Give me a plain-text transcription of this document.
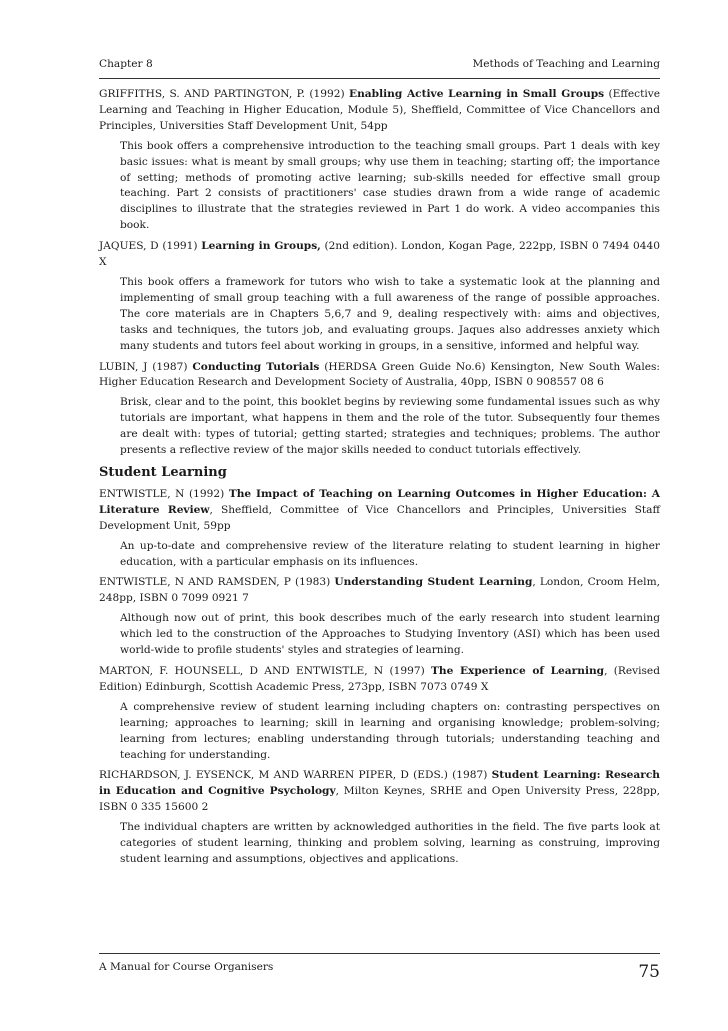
Chapter 8	Methods of Teaching and Learning

GRIFFITHS, S. AND PARTINGTON, P. (1992) Enabling Active Learning in Small Groups (Effective Learning and Teaching in Higher Education, Module 5), Sheffield, Committee of Vice Chancellors and Principles, Universities Staff Development Unit, 54pp

This book offers a comprehensive introduction to the teaching small groups. Part 1 deals with key basic issues: what is meant by small groups; why use them in teaching; starting off; the importance of setting; methods of promoting active learning; sub-skills needed for effective small group teaching. Part 2 consists of practitioners' case studies drawn from a wide range of academic disciplines to illustrate that the strategies reviewed in Part 1 do work. A video accompanies this book.

JAQUES, D (1991) Learning in Groups, (2nd edition). London, Kogan Page, 222pp, ISBN 0 7494 0440 X

This book offers a framework for tutors who wish to take a systematic look at the planning and implementing of small group teaching with a full awareness of the range of possible approaches. The core materials are in Chapters 5,6,7 and 9, dealing respectively with: aims and objectives, tasks and techniques, the tutors job, and evaluating groups. Jaques also addresses anxiety which many students and tutors feel about working in groups, in a sensitive, informed and helpful way.

LUBIN, J (1987) Conducting Tutorials (HERDSA Green Guide No.6) Kensington, New South Wales: Higher Education Research and Development Society of Australia, 40pp, ISBN 0 908557 08 6

Brisk, clear and to the point, this booklet begins by reviewing some fundamental issues such as why tutorials are important, what happens in them and the role of the tutor. Subsequently four themes are dealt with: types of tutorial; getting started; strategies and techniques; problems. The author presents a reflective review of the major skills needed to conduct tutorials effectively.

Student Learning

ENTWISTLE, N (1992) The Impact of Teaching on Learning Outcomes in Higher Education: A Literature Review, Sheffield, Committee of Vice Chancellors and Principles, Universities Staff Development Unit, 59pp

An up-to-date and comprehensive review of the literature relating to student learning in higher education, with a particular emphasis on its influences.

ENTWISTLE, N AND RAMSDEN, P (1983) Understanding Student Learning, London, Croom Helm, 248pp, ISBN 0 7099 0921 7

Although now out of print, this book describes much of the early research into student learning which led to the construction of the Approaches to Studying Inventory (ASI) which has been used world-wide to profile students' styles and strategies of learning.

MARTON, F. HOUNSELL, D AND ENTWISTLE, N (1997) The Experience of Learning, (Revised Edition) Edinburgh, Scottish Academic Press, 273pp, ISBN 7073 0749 X

A comprehensive review of student learning including chapters on: contrasting perspectives on learning; approaches to learning; skill in learning and organising knowledge; problem-solving; learning from lectures; enabling understanding through tutorials; understanding teaching and teaching for understanding.

RICHARDSON, J. EYSENCK, M AND WARREN PIPER, D (EDS.) (1987) Student Learning: Research in Education and Cognitive Psychology, Milton Keynes, SRHE and Open University Press, 228pp, ISBN 0 335 15600 2

The individual chapters are written by acknowledged authorities in the field. The five parts look at categories of student learning, thinking and problem solving, learning as construing, improving student learning and assumptions, objectives and applications.

A Manual for Course Organisers	75
